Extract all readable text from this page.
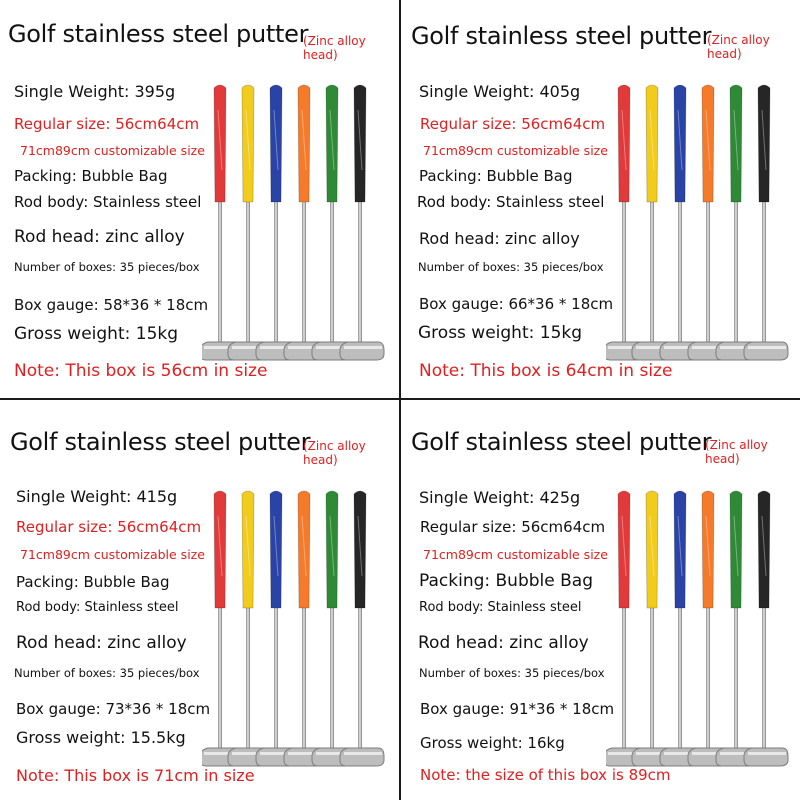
Golf stainless steel putter
(Zinc alloy head)
Single Weight: 395g
Regular size: 56cm64cm
71cm89cm customizable size
Packing: Bubble Bag
Rod body: Stainless steel
Rod head: zinc alloy
Number of boxes: 35 pieces/box
Box gauge: 58*36 * 18cm
Gross weight: 15kg
Note: This box is 56cm in size
Golf stainless steel putter
(Zinc alloy head)
Single Weight: 405g
Regular size: 56cm64cm
71cm89cm customizable size
Packing: Bubble Bag
Rod body: Stainless steel
Rod head: zinc alloy
Number of boxes: 35 pieces/box
Box gauge: 66*36 * 18cm
Gross weight: 15kg
Note: This box is 64cm in size
Golf stainless steel putter
(Zinc alloy head)
Single Weight: 415g
Regular size: 56cm64cm
71cm89cm customizable size
Packing: Bubble Bag
Rod body: Stainless steel
Rod head: zinc alloy
Number of boxes: 35 pieces/box
Box gauge: 73*36 * 18cm
Gross weight: 15.5kg
Note: This box is 71cm in size
Golf stainless steel putter
(Zinc alloy head)
Single Weight: 425g
Regular size: 56cm64cm
71cm89cm customizable size
Packing: Bubble Bag
Rod body: Stainless steel
Rod head: zinc alloy
Number of boxes: 35 pieces/box
Box gauge: 91*36 * 18cm
Gross weight: 16kg
Note: the size of this box is 89cm
